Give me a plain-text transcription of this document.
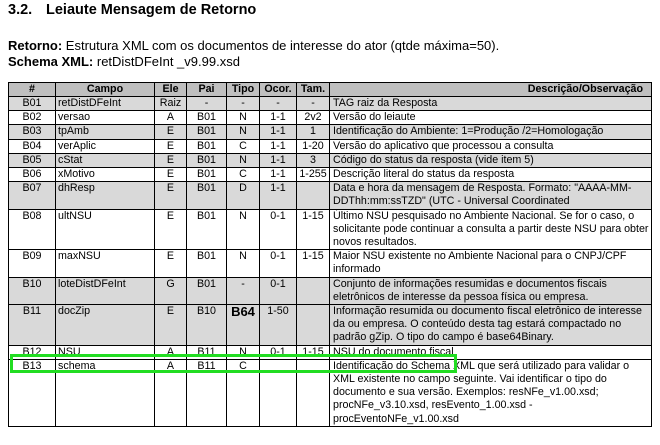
3.2. Leiaute Mensagem de Retorno
Retorno: Estrutura XML com os documentos de interesse do ator (qtde máxima=50).
Schema XML: retDistDFeInt _v9.99.xsd
#	Campo	Ele	Pai	Tipo	Ocor.	Tam.	Descrição/Observação
B01	retDistDFeInt	Raiz	-	-	-	-	TAG raiz da Resposta
B02	versao	A	B01	N	1-1	2v2	Versão do leiaute
B03	tpAmb	E	B01	N	1-1	1	Identificação do Ambiente: 1=Produção /2=Homologação
B04	verAplic	E	B01	C	1-1	1-20	Versão do aplicativo que processou a consulta
B05	cStat	E	B01	N	1-1	3	Código do status da resposta (vide item 5)
B06	xMotivo	E	B01	C	1-1	1-255	Descrição literal do status da resposta
B07	dhResp	E	B01	D	1-1		Data e hora da mensagem de Resposta. Formato: "AAAA-MM-DDThh:mm:ssTZD" (UTC - Universal Coordinated
B08	ultNSU	E	B01	N	0-1	1-15	Último NSU pesquisado no Ambiente Nacional. Se for o caso, o solicitante pode continuar a consulta a partir deste NSU para obter novos resultados.
B09	maxNSU	E	B01	N	0-1	1-15	Maior NSU existente no Ambiente Nacional para o CNPJ/CPF informado
B10	loteDistDFeInt	G	B01	-	0-1		Conjunto de informações resumidas e documentos fiscais eletrônicos de interesse da pessoa física ou empresa.
B11	docZip	E	B10	B64	1-50		Informação resumida ou documento fiscal eletrônico de interesse da ou empresa. O conteúdo desta tag estará compactado no padrão gZip. O tipo do campo é base64Binary.
B12	NSU	A	B11	N	0-1	1-15	NSU do documento fiscal
B13	schema	A	B11	C			Identificação do Schema XML que será utilizado para validar o XML existente no campo seguinte. Vai identificar o tipo do documento e sua versão. Exemplos: resNFe_v1.00.xsd; procNFe_v3.10.xsd, resEvento_1.00.xsd - procEventoNFe_v1.00.xsd
